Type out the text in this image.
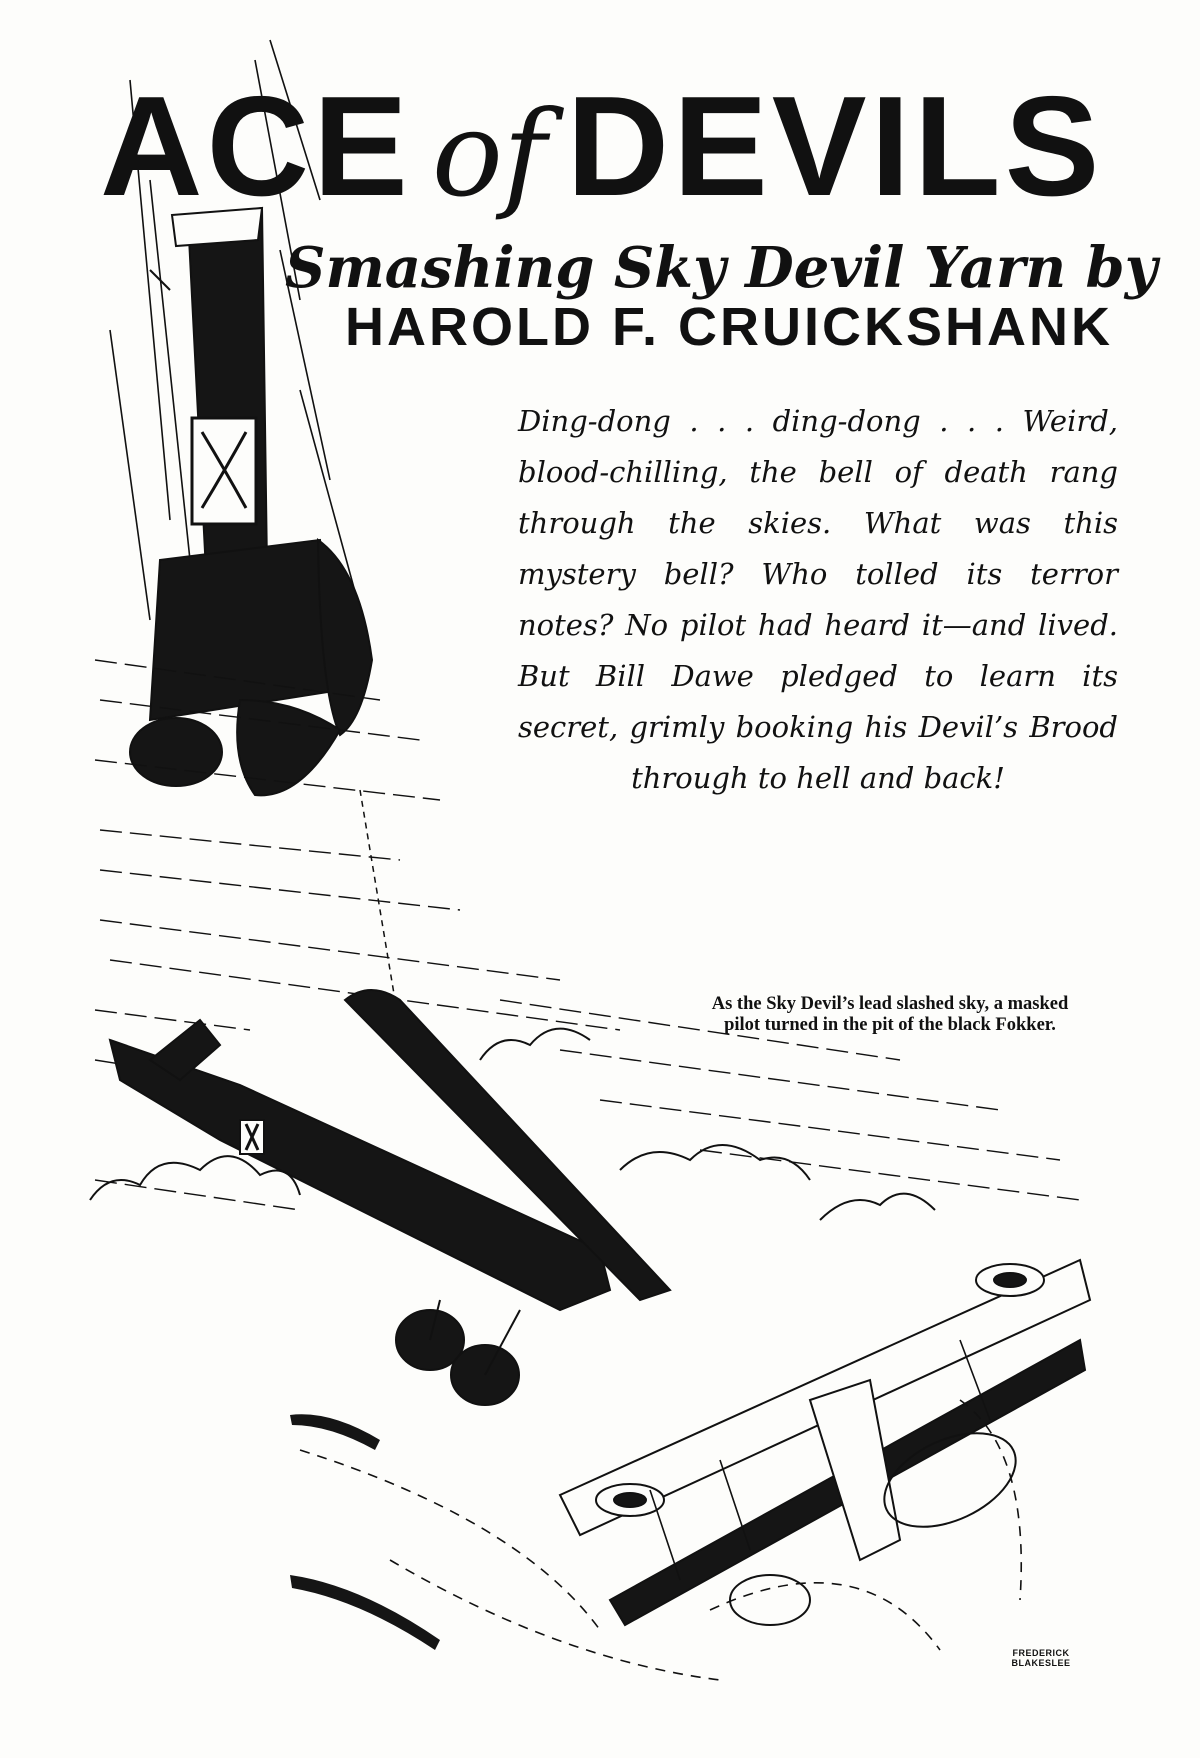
ACE of DEVILS

Smashing Sky Devil Yarn by

HAROLD F. CRUICKSHANK

Ding-dong . . . ding-dong . . . Weird, blood-chilling, the bell of death rang through the skies. What was this mystery bell? Who tolled its terror notes? No pilot had heard it—and lived. But Bill Dawe pledged to learn its secret, grimly booking his Devil’s Brood through to hell and back!

As the Sky Devil’s lead slashed sky, a masked pilot turned in the pit of the black Fokker.

FREDERICK BLAKESLEE
